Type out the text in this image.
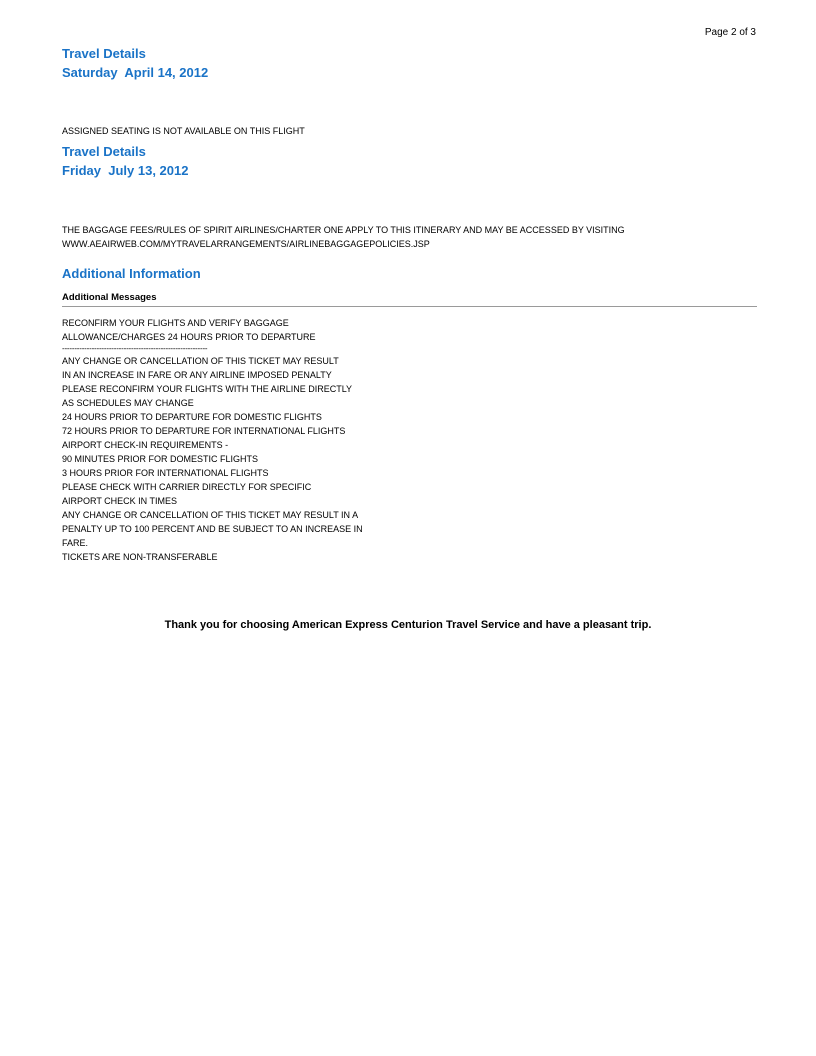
Page 2 of 3
Travel Details
Saturday  April 14, 2012
ASSIGNED SEATING IS NOT AVAILABLE ON THIS FLIGHT
Travel Details
Friday  July 13, 2012
THE BAGGAGE FEES/RULES OF SPIRIT AIRLINES/CHARTER ONE APPLY TO THIS ITINERARY AND MAY BE ACCESSED BY VISITING
WWW.AEAIRWEB.COM/MYTRAVELARRANGEMENTS/AIRLINEBAGGAGEPOLICIES.JSP
Additional Information
Additional Messages
RECONFIRM YOUR FLIGHTS AND VERIFY BAGGAGE
ALLOWANCE/CHARGES 24 HOURS PRIOR TO DEPARTURE
-----------------------------------------------------------
ANY CHANGE OR CANCELLATION OF THIS TICKET MAY RESULT
IN AN INCREASE IN FARE OR ANY AIRLINE IMPOSED PENALTY
PLEASE RECONFIRM YOUR FLIGHTS WITH THE AIRLINE DIRECTLY
AS SCHEDULES MAY CHANGE
24 HOURS PRIOR TO DEPARTURE FOR DOMESTIC FLIGHTS
72 HOURS PRIOR TO DEPARTURE FOR INTERNATIONAL FLIGHTS
AIRPORT CHECK-IN REQUIREMENTS -
90 MINUTES PRIOR FOR DOMESTIC FLIGHTS
3 HOURS PRIOR FOR INTERNATIONAL FLIGHTS
PLEASE CHECK WITH CARRIER DIRECTLY FOR SPECIFIC
AIRPORT CHECK IN TIMES
ANY CHANGE OR CANCELLATION OF THIS TICKET MAY RESULT IN A
PENALTY UP TO 100 PERCENT AND BE SUBJECT TO AN INCREASE IN
FARE.
TICKETS ARE NON-TRANSFERABLE
Thank you for choosing American Express Centurion Travel Service and have a pleasant trip.
